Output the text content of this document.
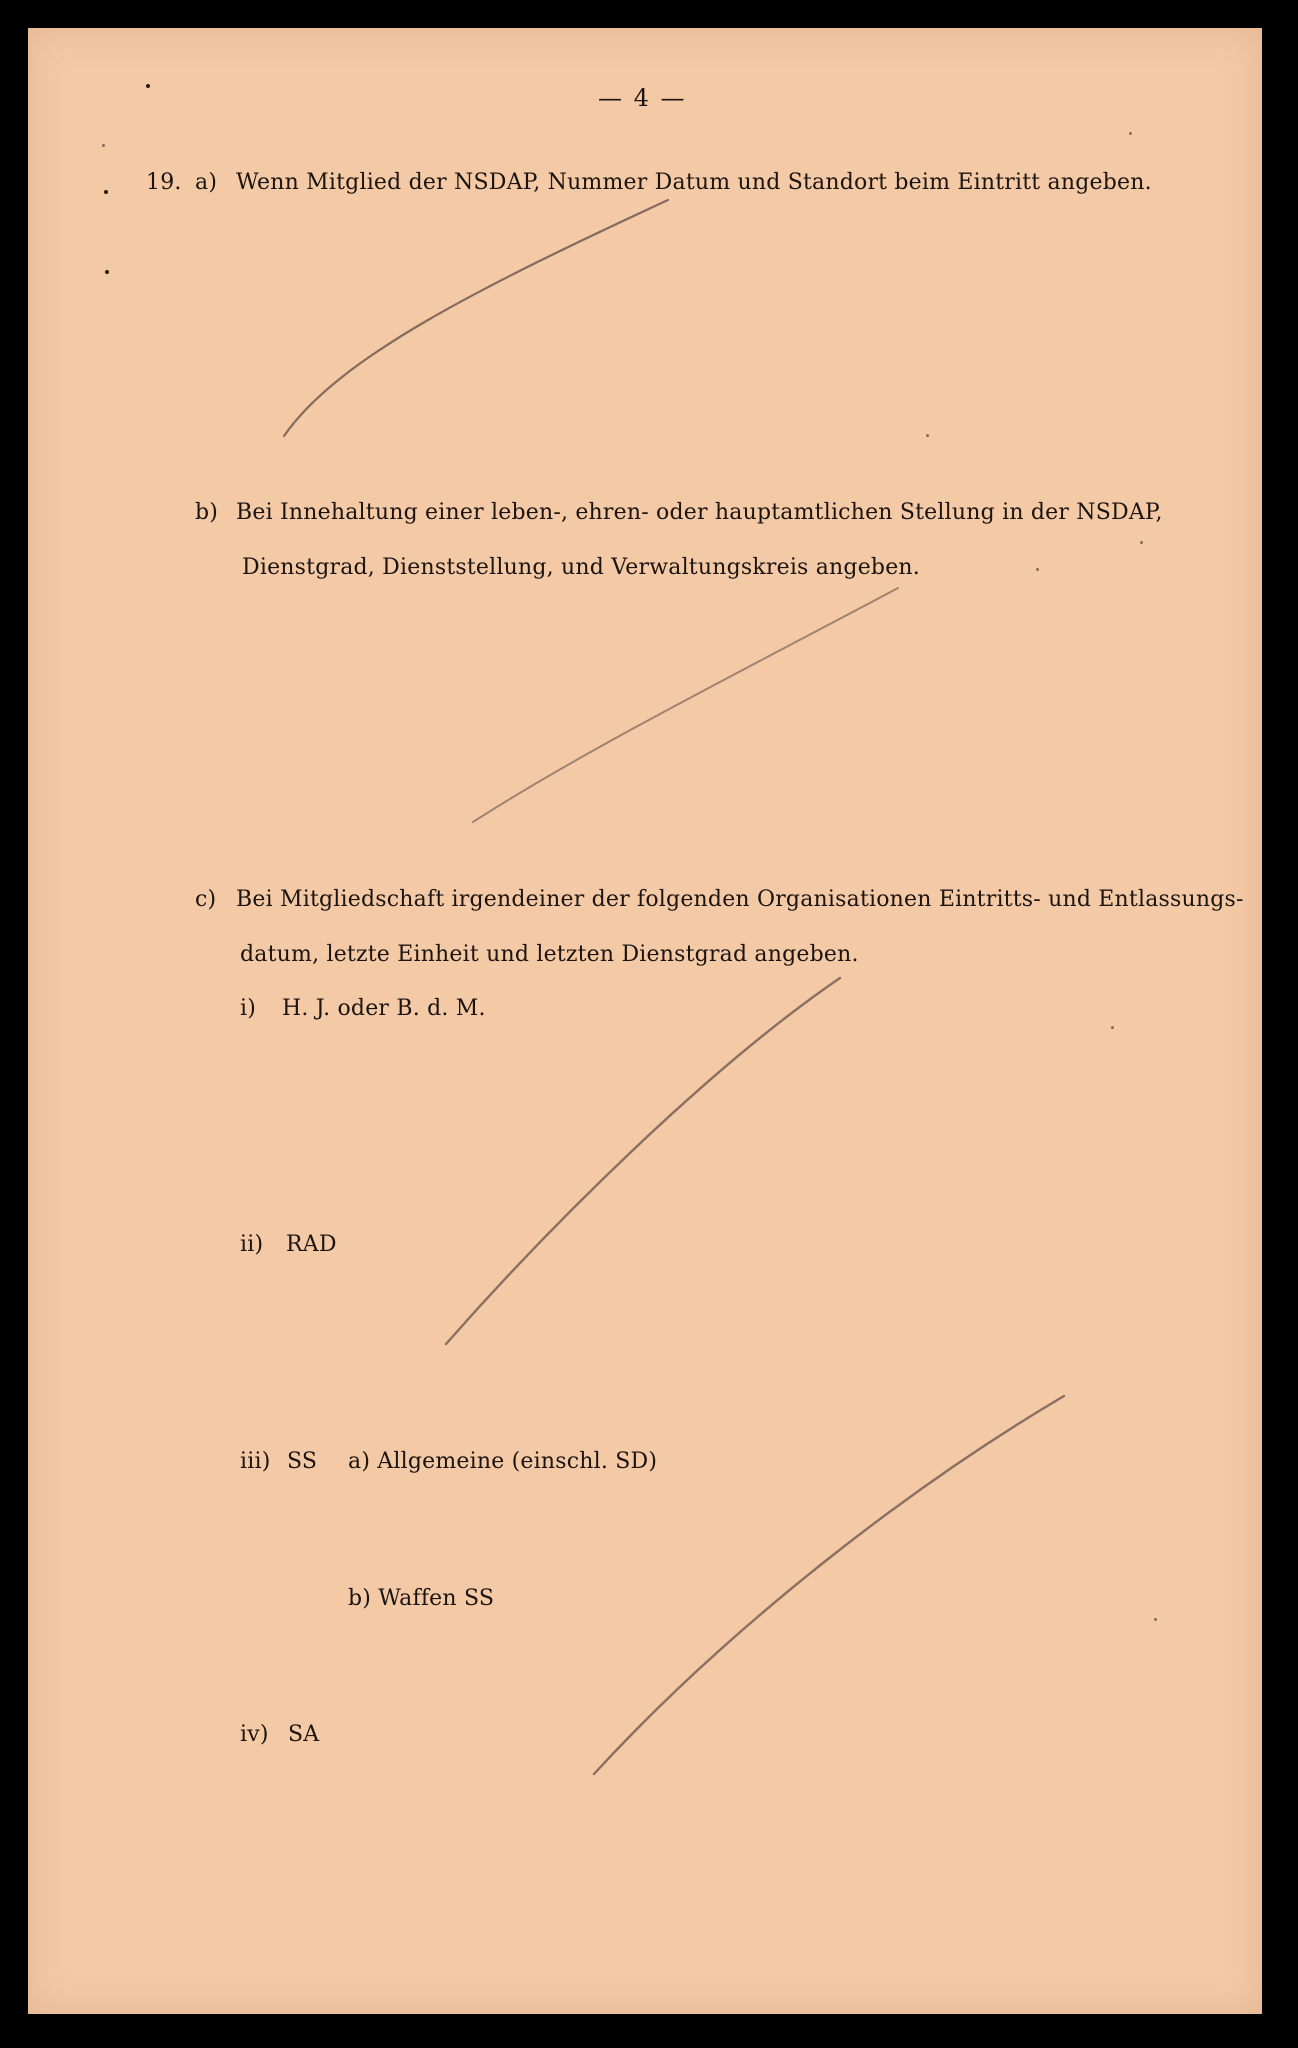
— 4 —
19. a) Wenn Mitglied der NSDAP, Nummer Datum und Standort beim Eintritt angeben.
b) Bei Innehaltung einer leben-, ehren- oder hauptamtlichen Stellung in der NSDAP,
Dienstgrad, Dienststellung, und Verwaltungskreis angeben.
c) Bei Mitgliedschaft irgendeiner der folgenden Organisationen Eintritts- und Entlassungs-
datum, letzte Einheit und letzten Dienstgrad angeben.
i) H. J. oder B. d. M.
ii) RAD
iii) SS a) Allgemeine (einschl. SD)
b) Waffen SS
iv) SA
